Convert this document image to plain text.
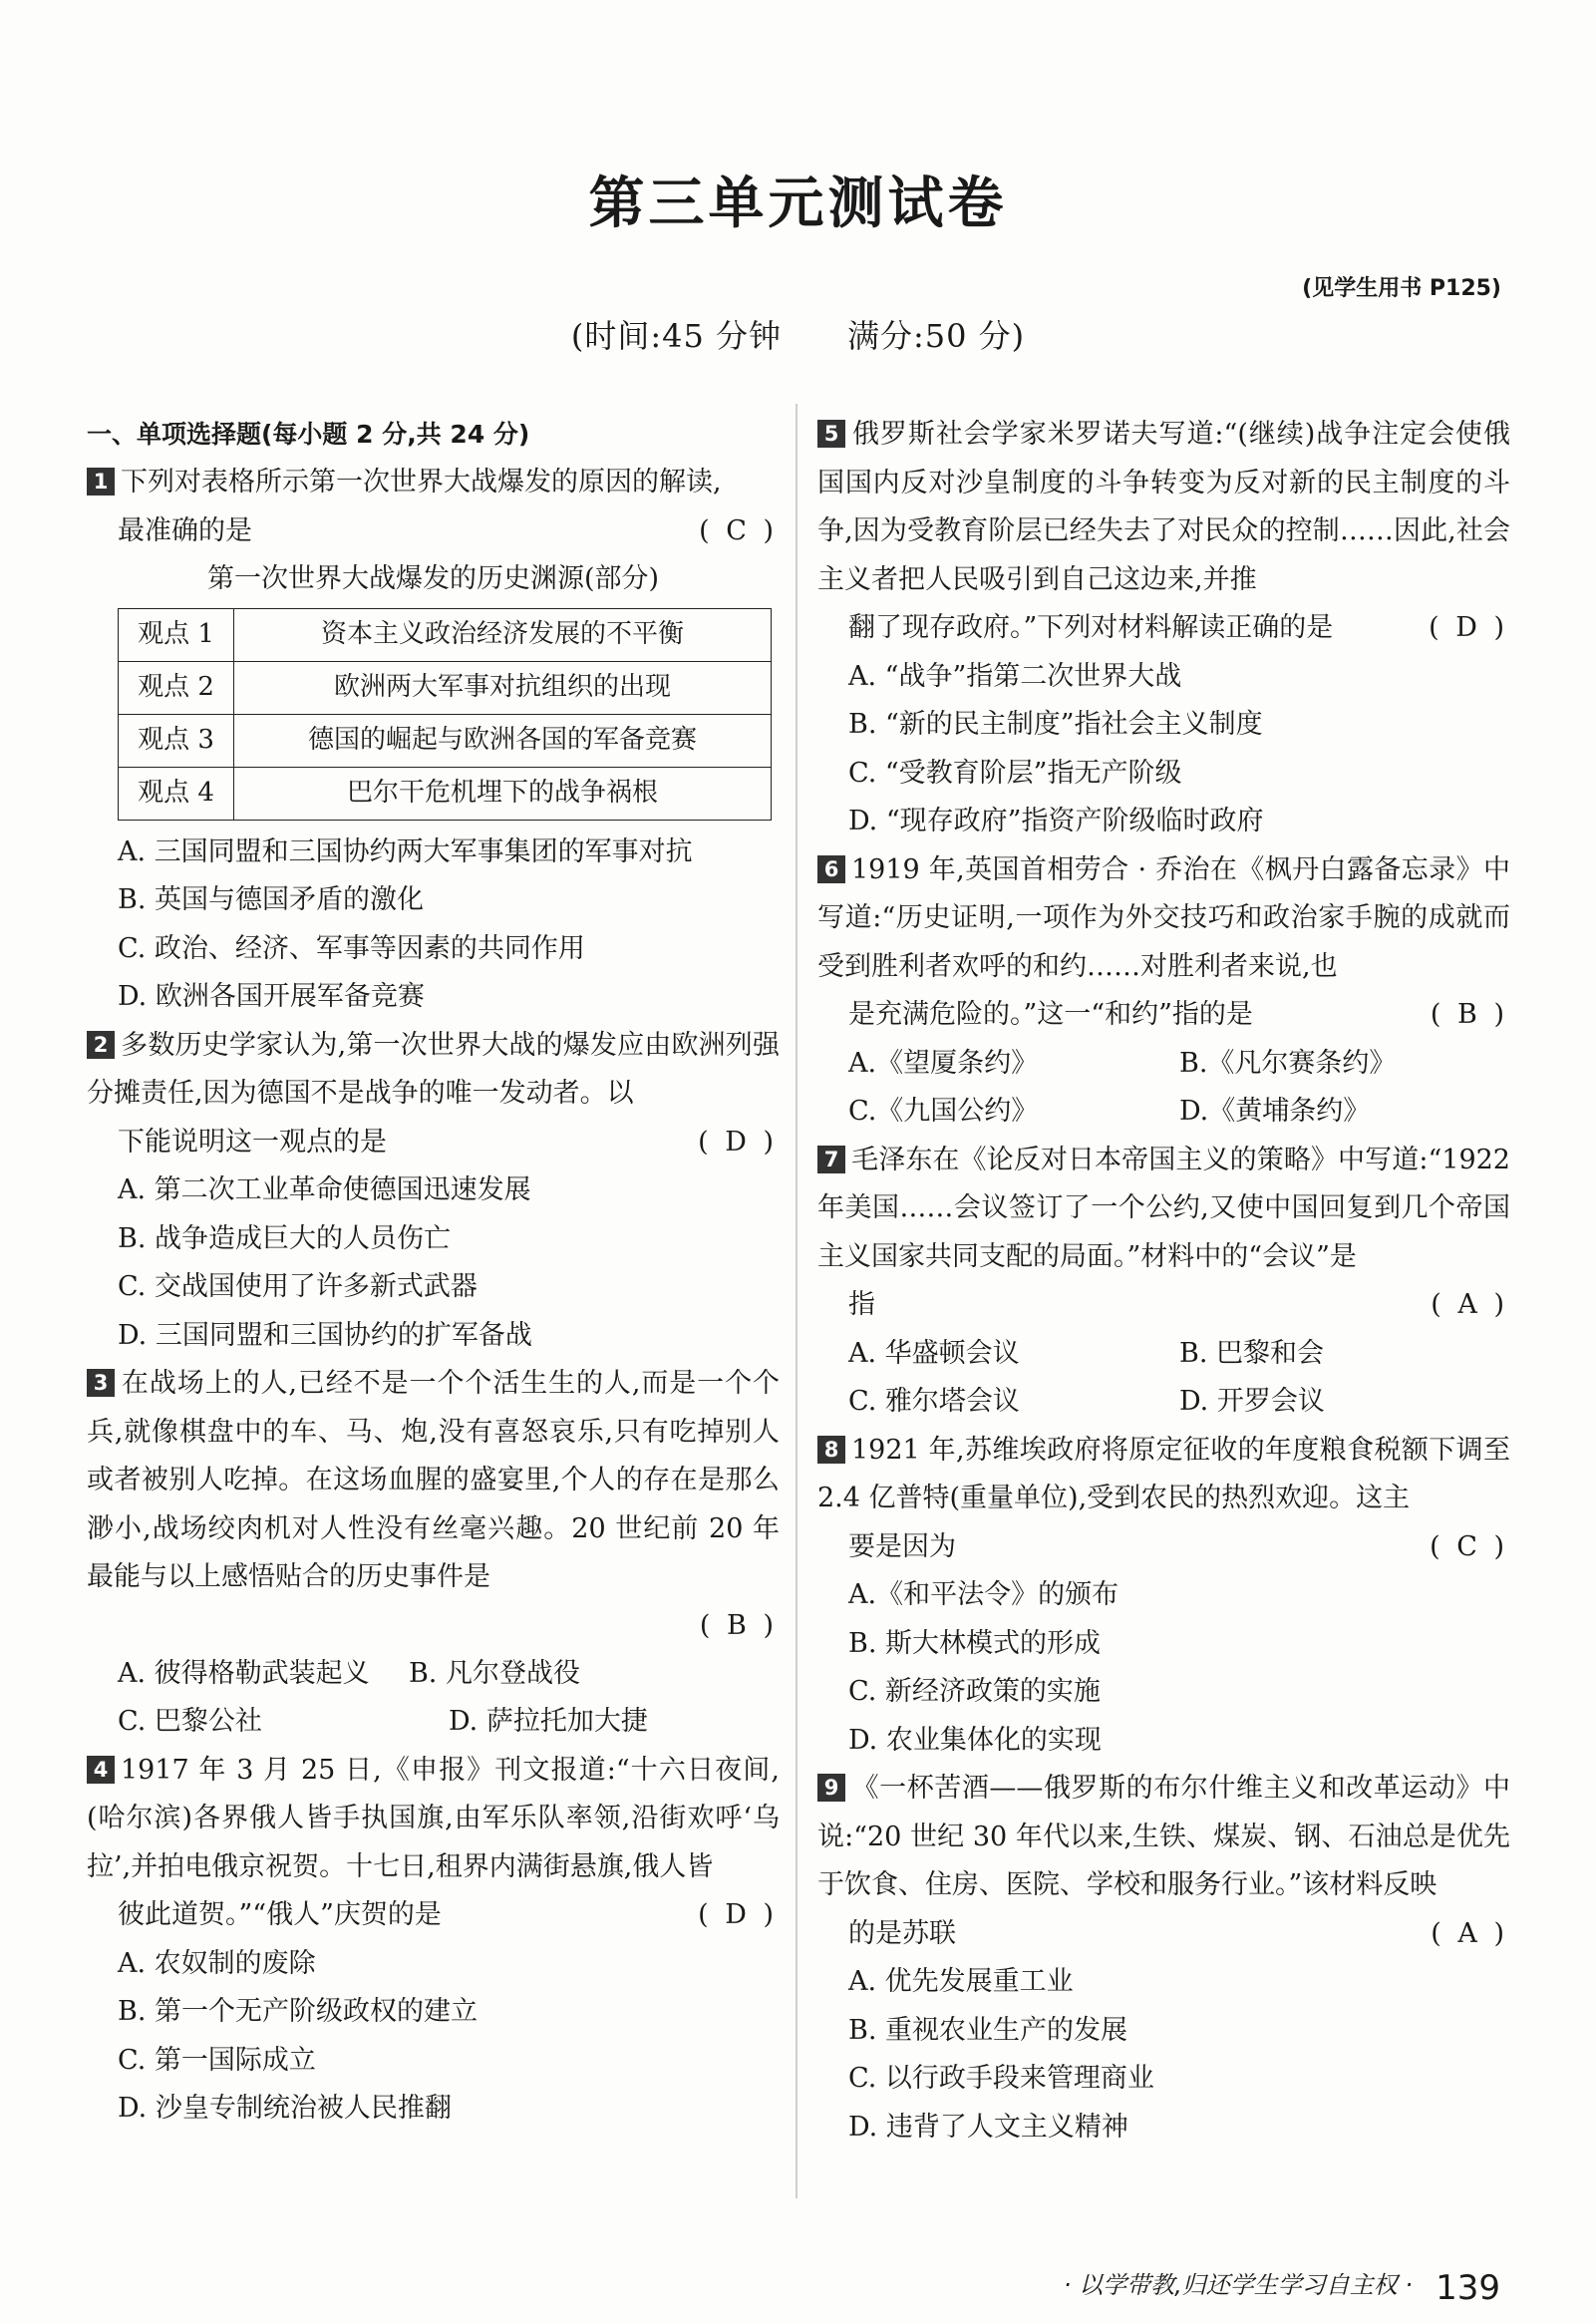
第三单元测试卷
(见学生用书 P125)
(时间:45 分钟　　满分:50 分)
一、单项选择题(每小题 2 分,共 24 分)
1 下列对表格所示第一次世界大战爆发的原因的解读,
最准确的是	( C )
第一次世界大战爆发的历史渊源(部分)
观点 1	资本主义政治经济发展的不平衡
观点 2	欧洲两大军事对抗组织的出现
观点 3	德国的崛起与欧洲各国的军备竞赛
观点 4	巴尔干危机埋下的战争祸根
A. 三国同盟和三国协约两大军事集团的军事对抗
B. 英国与德国矛盾的激化
C. 政治、经济、军事等因素的共同作用
D. 欧洲各国开展军备竞赛
2 多数历史学家认为,第一次世界大战的爆发应由欧洲列强分摊责任,因为德国不是战争的唯一发动者。以
下能说明这一观点的是	( D )
A. 第二次工业革命使德国迅速发展
B. 战争造成巨大的人员伤亡
C. 交战国使用了许多新式武器
D. 三国同盟和三国协约的扩军备战
3 在战场上的人,已经不是一个个活生生的人,而是一个个兵,就像棋盘中的车、马、炮,没有喜怒哀乐,只有吃掉别人或者被别人吃掉。在这场血腥的盛宴里,个人的存在是那么渺小,战场绞肉机对人性没有丝毫兴趣。20 世纪前 20 年最能与以上感悟贴合的历史事件是
( B )
A. 彼得格勒武装起义	B. 凡尔登战役
C. 巴黎公社	D. 萨拉托加大捷
4 1917 年 3 月 25 日,《申报》刊文报道:“十六日夜间,(哈尔滨)各界俄人皆手执国旗,由军乐队率领,沿街欢呼‘乌拉’,并拍电俄京祝贺。十七日,租界内满街悬旗,俄人皆
彼此道贺。”“俄人”庆贺的是	( D )
A. 农奴制的废除
B. 第一个无产阶级政权的建立
C. 第一国际成立
D. 沙皇专制统治被人民推翻
5 俄罗斯社会学家米罗诺夫写道:“(继续)战争注定会使俄国国内反对沙皇制度的斗争转变为反对新的民主制度的斗争,因为受教育阶层已经失去了对民众的控制……因此,社会主义者把人民吸引到自己这边来,并推
翻了现存政府。”下列对材料解读正确的是	( D )
A. “战争”指第二次世界大战
B. “新的民主制度”指社会主义制度
C. “受教育阶层”指无产阶级
D. “现存政府”指资产阶级临时政府
6 1919 年,英国首相劳合 · 乔治在《枫丹白露备忘录》中写道:“历史证明,一项作为外交技巧和政治家手腕的成就而受到胜利者欢呼的和约……对胜利者来说,也
是充满危险的。”这一“和约”指的是	( B )
A.《望厦条约》	B.《凡尔赛条约》
C.《九国公约》	D.《黄埔条约》
7 毛泽东在《论反对日本帝国主义的策略》中写道:“1922 年美国……会议签订了一个公约,又使中国回复到几个帝国主义国家共同支配的局面。”材料中的“会议”是
指	( A )
A. 华盛顿会议	B. 巴黎和会
C. 雅尔塔会议	D. 开罗会议
8 1921 年,苏维埃政府将原定征收的年度粮食税额下调至 2.4 亿普特(重量单位),受到农民的热烈欢迎。这主
要是因为	( C )
A.《和平法令》的颁布
B. 斯大林模式的形成
C. 新经济政策的实施
D. 农业集体化的实现
9 《一杯苦酒——俄罗斯的布尔什维主义和改革运动》中说:“20 世纪 30 年代以来,生铁、煤炭、钢、石油总是优先于饮食、住房、医院、学校和服务行业。”该材料反映
的是苏联	( A )
A. 优先发展重工业
B. 重视农业生产的发展
C. 以行政手段来管理商业
D. 违背了人文主义精神
· 以学带教,归还学生学习自主权 · 139
